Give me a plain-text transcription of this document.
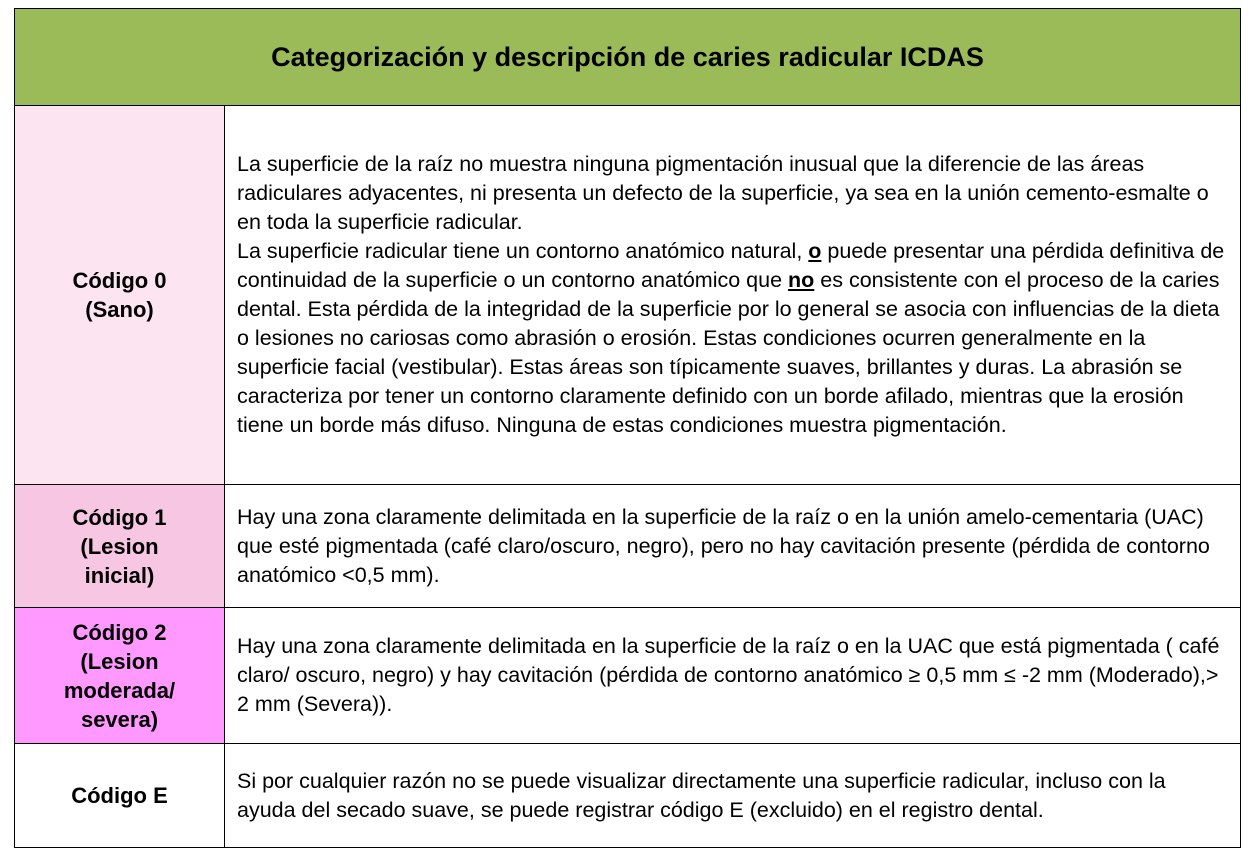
Categorización y descripción de caries radicular ICDAS
Código 0
(Sano)

La superficie de la raíz no muestra ninguna pigmentación inusual que la diferencie de las áreas radiculares adyacentes, ni presenta un defecto de la superficie, ya sea en la unión cemento-esmalte o en toda la superficie radicular.

La superficie radicular tiene un contorno anatómico natural, o puede presentar una pérdida definitiva de continuidad de la superficie o un contorno anatómico que no es consistente con el proceso de la caries dental. Esta pérdida de la integridad de la superficie por lo general se asocia con influencias de la dieta o lesiones no cariosas como abrasión o erosión. Estas condiciones ocurren generalmente en la superficie facial (vestibular). Estas áreas son típicamente suaves, brillantes y duras. La abrasión se caracteriza por tener un contorno claramente definido con un borde afilado, mientras que la erosión tiene un borde más difuso. Ninguna de estas condiciones muestra pigmentación.

Código 1
(Lesion
inicial)

Hay una zona claramente delimitada en la superficie de la raíz o en la unión amelo-cementaria (UAC) que esté pigmentada (café claro/oscuro, negro), pero no hay cavitación presente (pérdida de contorno anatómico <0,5 mm).

Código 2
(Lesion
moderada/
severa)

Hay una zona claramente delimitada en la superficie de la raíz o en la UAC que está pigmentada ( café claro/ oscuro, negro) y hay cavitación (pérdida de contorno anatómico ≥ 0,5 mm ≤ -2 mm (Moderado),> 2 mm (Severa)).

Código E

Si por cualquier razón no se puede visualizar directamente una superficie radicular, incluso con la ayuda del secado suave, se puede registrar código E (excluido) en el registro dental.
